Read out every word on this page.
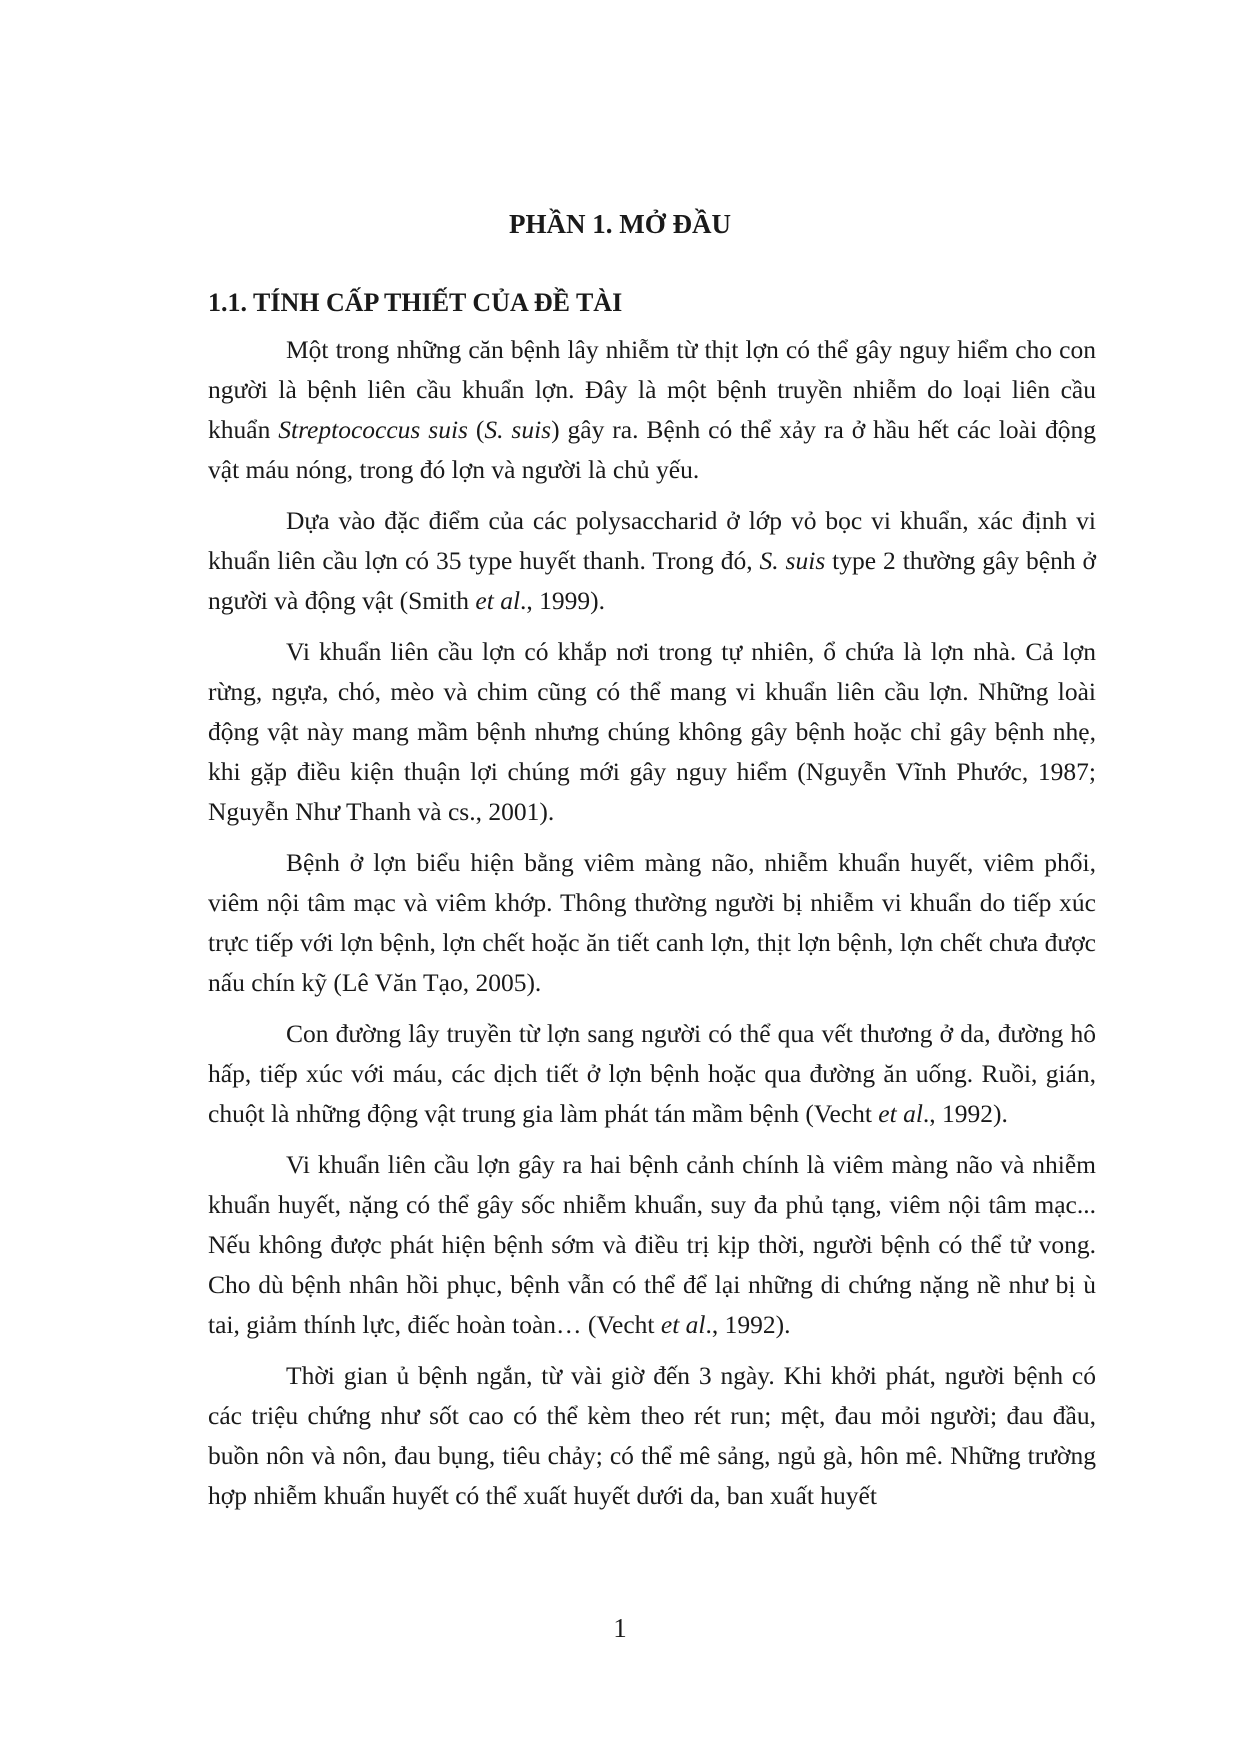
PHẦN 1. MỞ ĐẦU
1.1. TÍNH CẤP THIẾT CỦA ĐỀ TÀI

Một trong những căn bệnh lây nhiễm từ thịt lợn có thể gây nguy hiểm cho con người là bệnh liên cầu khuẩn lợn. Đây là một bệnh truyền nhiễm do loại liên cầu khuẩn Streptococcus suis (S. suis) gây ra. Bệnh có thể xảy ra ở hầu hết các loài động vật máu nóng, trong đó lợn và người là chủ yếu.

Dựa vào đặc điểm của các polysaccharid ở lớp vỏ bọc vi khuẩn, xác định vi khuẩn liên cầu lợn có 35 type huyết thanh. Trong đó, S. suis type 2 thường gây bệnh ở người và động vật (Smith et al., 1999).

Vi khuẩn liên cầu lợn có khắp nơi trong tự nhiên, ổ chứa là lợn nhà. Cả lợn rừng, ngựa, chó, mèo và chim cũng có thể mang vi khuẩn liên cầu lợn. Những loài động vật này mang mầm bệnh nhưng chúng không gây bệnh hoặc chỉ gây bệnh nhẹ, khi gặp điều kiện thuận lợi chúng mới gây nguy hiểm (Nguyễn Vĩnh Phước, 1987; Nguyễn Như Thanh và cs., 2001).

Bệnh ở lợn biểu hiện bằng viêm màng não, nhiễm khuẩn huyết, viêm phổi, viêm nội tâm mạc và viêm khớp. Thông thường người bị nhiễm vi khuẩn do tiếp xúc trực tiếp với lợn bệnh, lợn chết hoặc ăn tiết canh lợn, thịt lợn bệnh, lợn chết chưa được nấu chín kỹ (Lê Văn Tạo, 2005).

Con đường lây truyền từ lợn sang người có thể qua vết thương ở da, đường hô hấp, tiếp xúc với máu, các dịch tiết ở lợn bệnh hoặc qua đường ăn uống. Ruồi, gián, chuột là những động vật trung gia làm phát tán mầm bệnh (Vecht et al., 1992).

Vi khuẩn liên cầu lợn gây ra hai bệnh cảnh chính là viêm màng não và nhiễm khuẩn huyết, nặng có thể gây sốc nhiễm khuẩn, suy đa phủ tạng, viêm nội tâm mạc... Nếu không được phát hiện bệnh sớm và điều trị kịp thời, người bệnh có thể tử vong. Cho dù bệnh nhân hồi phục, bệnh vẫn có thể để lại những di chứng nặng nề như bị ù tai, giảm thính lực, điếc hoàn toàn… (Vecht et al., 1992).

Thời gian ủ bệnh ngắn, từ vài giờ đến 3 ngày. Khi khởi phát, người bệnh có các triệu chứng như sốt cao có thể kèm theo rét run; mệt, đau mỏi người; đau đầu, buồn nôn và nôn, đau bụng, tiêu chảy; có thể mê sảng, ngủ gà, hôn mê. Những trường hợp nhiễm khuẩn huyết có thể xuất huyết dưới da, ban xuất huyết

1
